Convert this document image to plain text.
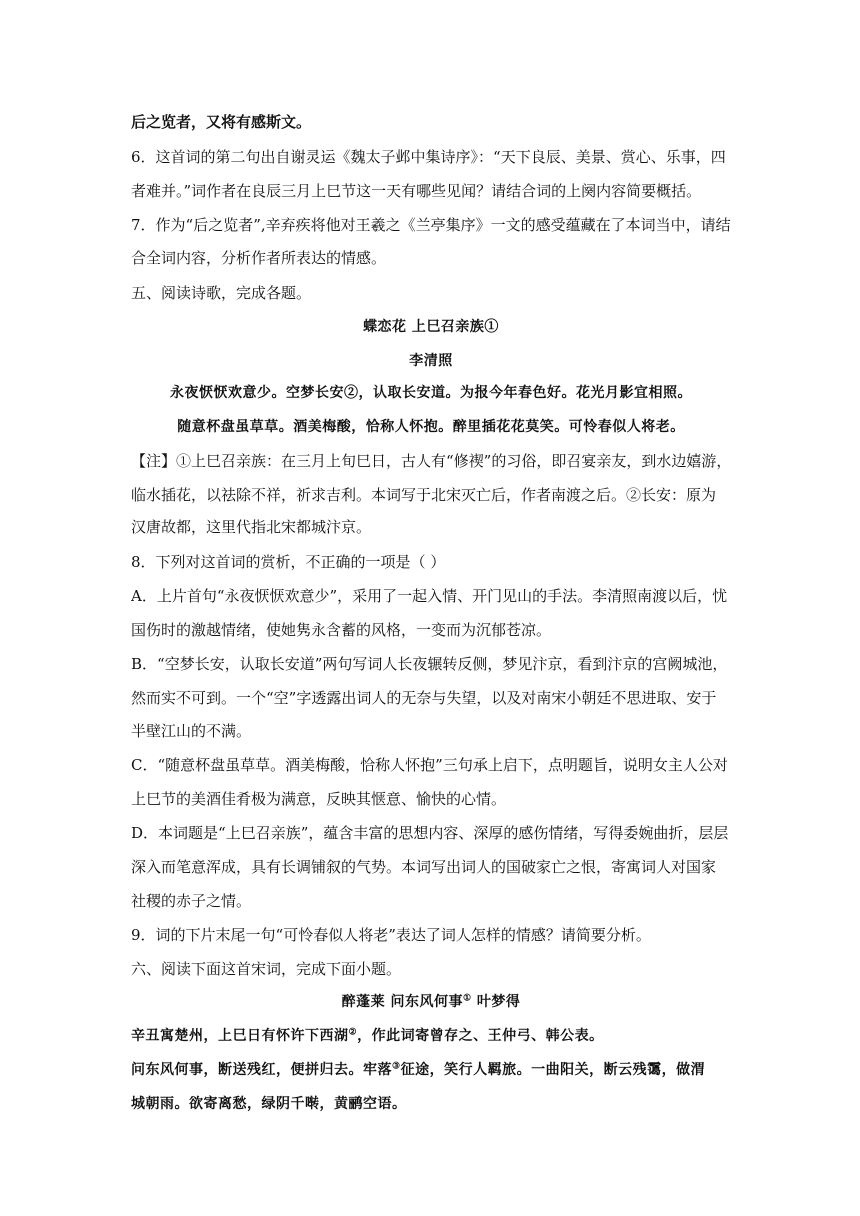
后之览者，又将有感斯文。
6．这首词的第二句出自谢灵运《魏太子邺中集诗序》：“天下良辰、美景、赏心、乐事，四
者难并。”词作者在良辰三月上巳节这一天有哪些见闻？请结合词的上阕内容简要概括。
7．作为“后之览者”,辛弃疾将他对王羲之《兰亭集序》一文的感受蕴藏在了本词当中，请结
合全词内容，分析作者所表达的情感。
五、阅读诗歌，完成各题。
蝶恋花 上巳召亲族①
李清照
永夜恹恹欢意少。空梦长安②，认取长安道。为报今年春色好。花光月影宜相照。
随意杯盘虽草草。酒美梅酸，恰称人怀抱。醉里插花花莫笑。可怜春似人将老。
【注】①上巳召亲族：在三月上旬巳日，古人有“修禊”的习俗，即召宴亲友，到水边嬉游，
临水插花，以祛除不祥，祈求吉利。本词写于北宋灭亡后，作者南渡之后。②长安：原为
汉唐故都，这里代指北宋都城汴京。
8．下列对这首词的赏析，不正确的一项是（ ）
A．上片首句“永夜恹恹欢意少”，采用了一起入情、开门见山的手法。李清照南渡以后，忧
国伤时的激越情绪，使她隽永含蓄的风格，一变而为沉郁苍凉。
B．“空梦长安，认取长安道”两句写词人长夜辗转反侧，梦见汴京，看到汴京的宫阙城池，
然而实不可到。一个“空”字透露出词人的无奈与失望，以及对南宋小朝廷不思进取、安于
半壁江山的不满。
C．“随意杯盘虽草草。酒美梅酸，恰称人怀抱”三句承上启下，点明题旨，说明女主人公对
上巳节的美酒佳肴极为满意，反映其惬意、愉快的心情。
D．本词题是“上巳召亲族”，蕴含丰富的思想内容、深厚的感伤情绪，写得委婉曲折，层层
深入而笔意浑成，具有长调铺叙的气势。本词写出词人的国破家亡之恨，寄寓词人对国家
社稷的赤子之情。
9．词的下片末尾一句“可怜春似人将老”表达了词人怎样的情感？请简要分析。
六、阅读下面这首宋词，完成下面小题。
醉蓬莱 问东风何事① 叶梦得
辛丑寓楚州，上巳日有怀许下西湖②，作此词寄曾存之、王仲弓、韩公表。
问东风何事，断送残红，便拼归去。牢落③征途，笑行人羁旅。一曲阳关，断云残霭，做渭
城朝雨。欲寄离愁，绿阴千啭，黄鹂空语。
